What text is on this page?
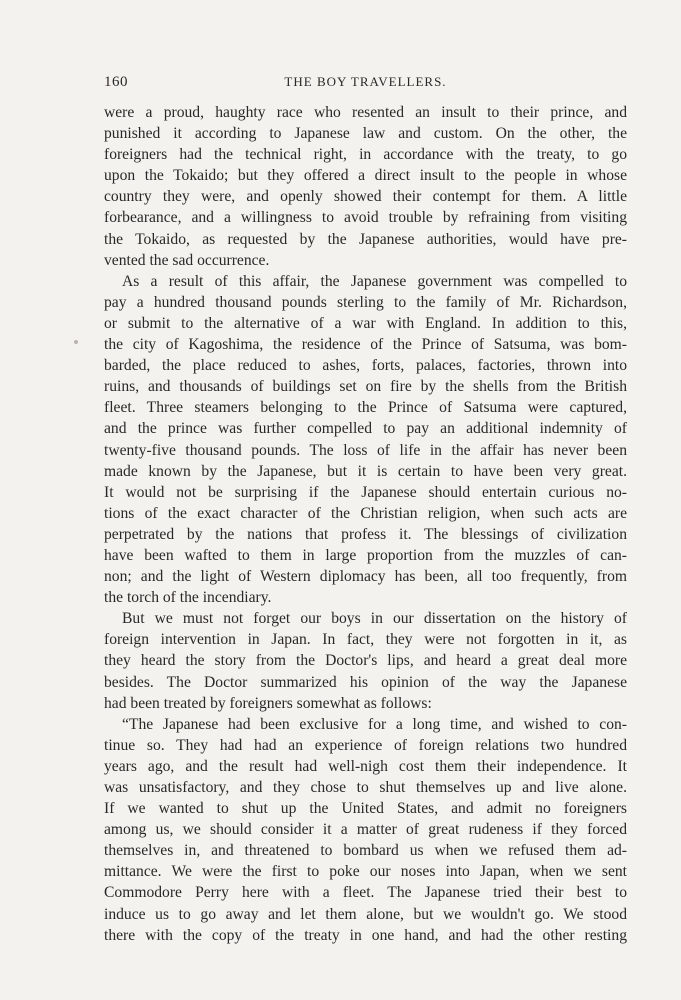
160	THE BOY TRAVELLERS.
were a proud, haughty race who resented an insult to their prince, and
punished it according to Japanese law and custom. On the other, the
foreigners had the technical right, in accordance with the treaty, to go
upon the Tokaido; but they offered a direct insult to the people in whose
country they were, and openly showed their contempt for them. A little
forbearance, and a willingness to avoid trouble by refraining from visiting
the Tokaido, as requested by the Japanese authorities, would have pre-
vented the sad occurrence.
As a result of this affair, the Japanese government was compelled to
pay a hundred thousand pounds sterling to the family of Mr. Richardson,
or submit to the alternative of a war with England. In addition to this,
the city of Kagoshima, the residence of the Prince of Satsuma, was bom-
barded, the place reduced to ashes, forts, palaces, factories, thrown into
ruins, and thousands of buildings set on fire by the shells from the British
fleet. Three steamers belonging to the Prince of Satsuma were captured,
and the prince was further compelled to pay an additional indemnity of
twenty-five thousand pounds. The loss of life in the affair has never been
made known by the Japanese, but it is certain to have been very great.
It would not be surprising if the Japanese should entertain curious no-
tions of the exact character of the Christian religion, when such acts are
perpetrated by the nations that profess it. The blessings of civilization
have been wafted to them in large proportion from the muzzles of can-
non; and the light of Western diplomacy has been, all too frequently, from
the torch of the incendiary.
But we must not forget our boys in our dissertation on the history of
foreign intervention in Japan. In fact, they were not forgotten in it, as
they heard the story from the Doctor's lips, and heard a great deal more
besides. The Doctor summarized his opinion of the way the Japanese
had been treated by foreigners somewhat as follows:
“The Japanese had been exclusive for a long time, and wished to con-
tinue so. They had had an experience of foreign relations two hundred
years ago, and the result had well-nigh cost them their independence. It
was unsatisfactory, and they chose to shut themselves up and live alone.
If we wanted to shut up the United States, and admit no foreigners
among us, we should consider it a matter of great rudeness if they forced
themselves in, and threatened to bombard us when we refused them ad-
mittance. We were the first to poke our noses into Japan, when we sent
Commodore Perry here with a fleet. The Japanese tried their best to
induce us to go away and let them alone, but we wouldn't go. We stood
there with the copy of the treaty in one hand, and had the other resting
